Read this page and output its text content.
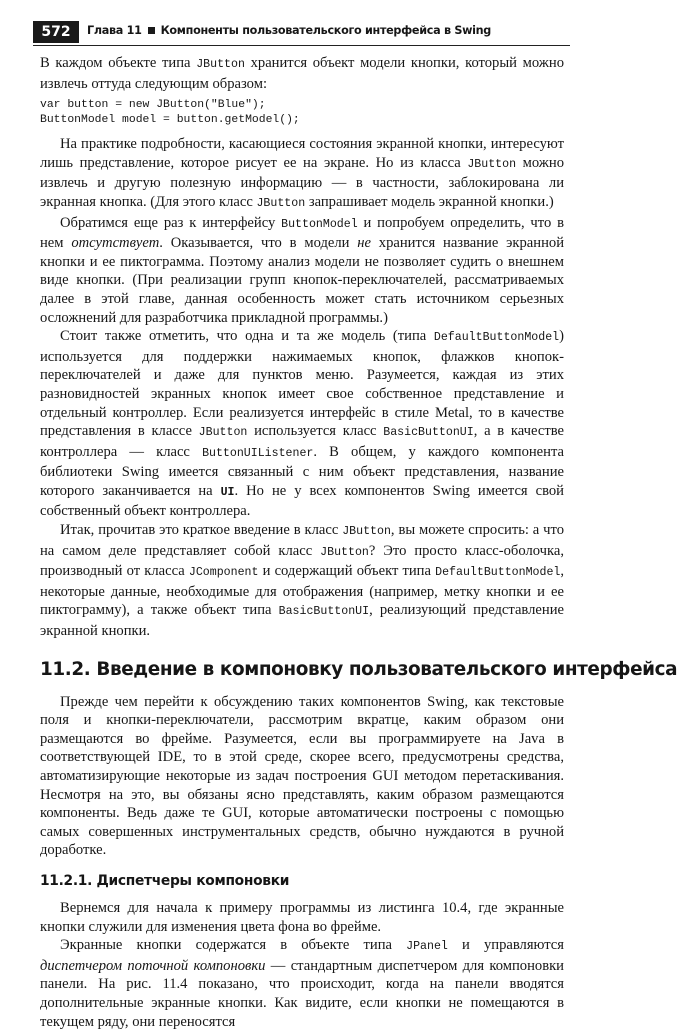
572	Глава 11 Компоненты пользовательского интерфейса в Swing

В каждом объекте типа JButton хранится объект модели кнопки, который можно извлечь оттуда следующим образом:

var button = new JButton("Blue");
ButtonModel model = button.getModel();

На практике подробности, касающиеся состояния экранной кнопки, интересуют лишь представление, которое рисует ее на экране. Но из класса JButton можно извлечь и другую полезную информацию — в частности, заблокирована ли экранная кнопка. (Для этого класс JButton запрашивает модель экранной кнопки.)

Обратимся еще раз к интерфейсу ButtonModel и попробуем определить, что в нем отсутствует. Оказывается, что в модели не хранится название экранной кнопки и ее пиктограмма. Поэтому анализ модели не позволяет судить о внешнем виде кнопки. (При реализации групп кнопок-переключателей, рассматриваемых далее в этой главе, данная особенность может стать источником серьезных осложнений для разработчика прикладной программы.)

Стоит также отметить, что одна и та же модель (типа DefaultButtonModel) используется для поддержки нажимаемых кнопок, флажков кнопок-переключателей и даже для пунктов меню. Разумеется, каждая из этих разновидностей экранных кнопок имеет свое собственное представление и отдельный контроллер. Если реализуется интерфейс в стиле Metal, то в качестве представления в классе JButton используется класс BasicButtonUI, а в качестве контроллера — класс ButtonUIListener. В общем, у каждого компонента библиотеки Swing имеется связанный с ним объект представления, название которого заканчивается на UI. Но не у всех компонентов Swing имеется свой собственный объект контроллера.

Итак, прочитав это краткое введение в класс JButton, вы можете спросить: а что на самом деле представляет собой класс JButton? Это просто класс-оболочка, производный от класса JComponent и содержащий объект типа DefaultButtonModel, некоторые данные, необходимые для отображения (например, метку кнопки и ее пиктограмму), а также объект типа BasicButtonUI, реализующий представление экранной кнопки.

11.2. Введение в компоновку пользовательского интерфейса

Прежде чем перейти к обсуждению таких компонентов Swing, как текстовые поля и кнопки-переключатели, рассмотрим вкратце, каким образом они размещаются во фрейме. Разумеется, если вы программируете на Java в соответствующей IDE, то в этой среде, скорее всего, предусмотрены средства, автоматизирующие некоторые из задач построения GUI методом перетаскивания. Несмотря на это, вы обязаны ясно представлять, каким образом размещаются компоненты. Ведь даже те GUI, которые автоматически построены с помощью самых совершенных инструментальных средств, обычно нуждаются в ручной доработке.

11.2.1. Диспетчеры компоновки

Вернемся для начала к примеру программы из листинга 10.4, где экранные кнопки служили для изменения цвета фона во фрейме.

Экранные кнопки содержатся в объекте типа JPanel и управляются диспетчером поточной компоновки — стандартным диспетчером для компоновки панели. На рис. 11.4 показано, что происходит, когда на панели вводятся дополнительные экранные кнопки. Как видите, если кнопки не помещаются в текущем ряду, они переносятся
